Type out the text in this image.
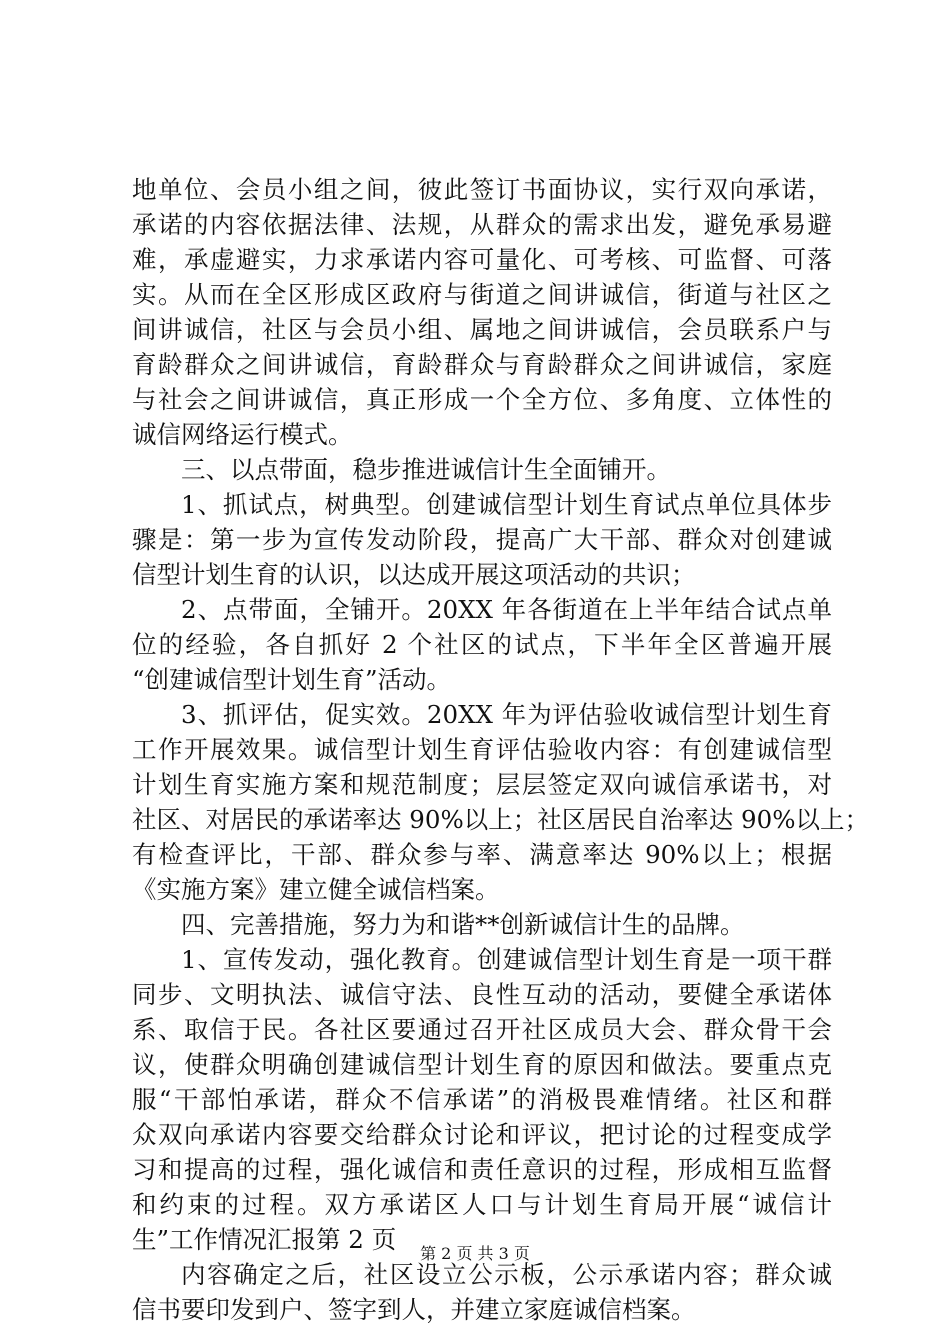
地单位、会员小组之间，彼此签订书面协议，实行双向承诺，
承诺的内容依据法律、法规，从群众的需求出发，避免承易避
难，承虚避实，力求承诺内容可量化、可考核、可监督、可落
实。从而在全区形成区政府与街道之间讲诚信，街道与社区之
间讲诚信，社区与会员小组、属地之间讲诚信，会员联系户与
育龄群众之间讲诚信，育龄群众与育龄群众之间讲诚信，家庭
与社会之间讲诚信，真正形成一个全方位、多角度、立体性的
诚信网络运行模式。
三、以点带面，稳步推进诚信计生全面铺开。
1、抓试点，树典型。创建诚信型计划生育试点单位具体步
骤是：第一步为宣传发动阶段，提高广大干部、群众对创建诚
信型计划生育的认识，以达成开展这项活动的共识；
2、点带面，全铺开。20XX 年各街道在上半年结合试点单
位的经验，各自抓好 2 个社区的试点，下半年全区普遍开展
“创建诚信型计划生育”活动。
3、抓评估，促实效。20XX 年为评估验收诚信型计划生育
工作开展效果。诚信型计划生育评估验收内容：有创建诚信型
计划生育实施方案和规范制度；层层签定双向诚信承诺书，对
社区、对居民的承诺率达 90%以上；社区居民自治率达 90%以上；
有检查评比，干部、群众参与率、满意率达 90%以上；根据
《实施方案》建立健全诚信档案。
四、完善措施，努力为和谐**创新诚信计生的品牌。
1、宣传发动，强化教育。创建诚信型计划生育是一项干群
同步、文明执法、诚信守法、良性互动的活动，要健全承诺体
系、取信于民。各社区要通过召开社区成员大会、群众骨干会
议，使群众明确创建诚信型计划生育的原因和做法。要重点克
服“干部怕承诺，群众不信承诺”的消极畏难情绪。社区和群
众双向承诺内容要交给群众讨论和评议，把讨论的过程变成学
习和提高的过程，强化诚信和责任意识的过程，形成相互监督
和约束的过程。双方承诺区人口与计划生育局开展“诚信计
生”工作情况汇报第 2 页
内容确定之后，社区设立公示板，公示承诺内容；群众诚
信书要印发到户、签字到人，并建立家庭诚信档案。
第 2 页 共 3 页
